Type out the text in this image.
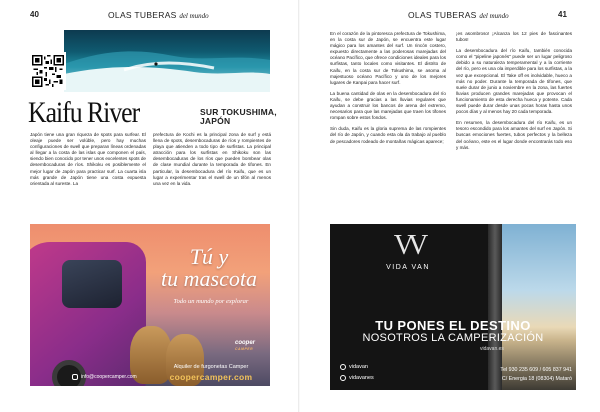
40	OLAS TUBERAS del mundo
Kaifu River	SUR TOKUSHIMA,
JAPÓN
Japón tiene una gran riqueza de spots para surfear. El oleaje puede ser volúble, pero hay muchas configuraciones de swell que preparan líneas ordenadas al llegar a la costa de las islas que componen el país, siendo bien conocido por tener unos excelentes spots de desembocaduras de ríos. Shikoku es posiblemente el mejor lugar de Japón para practicar surf. La cuarta isla más grande de Japón tiene una costa expuesta orientada al sureste. La
prefectura de Kochi es la principal zona de surf y está llena de spots, desembocaduras de ríos y rompientes de playa que atienden a todo tipo de surfistas. La principal atracción para los surfistas en Shikoku son las desembocaduras de los ríos que pueden bombear olas de clase mundial durante la temporada de tifones. En particular, la desembocadura del río Kaifu, que es un lugar a experimentar tras el swell de un tifón al menos una vez en la vida.
Tú y
tu mascota
Todo un mundo por explorar
cooper
CAMPER
Alquiler de furgonetas Camper
coopercamper.com
info@coopercamper.com
OLAS TUBERAS del mundo	41

En el corazón de la pintoresca prefectura de Tokushima, en la costa sur de Japón, se encuentra este lugar mágico para los amantes del surf. Un rincón costero, expuesto directamente a las poderosas marejadas del océano Pacífico, que ofrece condiciones ideales para los surfistas, tanto locales como visitantes. El distrito de Kaifu, en la costa sur de Tokushima, se asoma al majestuoso océano Pacífico y uno de los mejores lugares de Kanpai para hacer surf.

La buena cantidad de olas en la desembocadura del río Kaifu, se debe gracias a las lluvias regulares que ayudan a construir los bancos de arena del extremo, necesarios para que las marejadas que traen los tifones rompan sobre estos fondos.

Sin duda, Kaifu es la gloria suprema de las rompientes del río de Japón, y cuando esta ola da trabajo al pueblo de pescadores rodeado de montañas mágicas aparece;

¡es asombroso! ¡Alcanza los 12 pies de fascinantes tubos!

La desembocadura del río Kaifu, también conocida como el "pipeline japonés" puede ser un lugar peligroso debido a su naturaleza temperamental y a la corriente del río, pero es una ola imperdible para los surfistas, a la vez que excepcional. El Take off es inolvidable, hueco a más no poder. Durante la temporada de tifones, que suele durar de junio a noviembre en la zona, las fuertes lluvias producen grandes marejadas que provocan el funcionamiento de esta derecha hueca y potente. Cada swell puede durar desde unas pocas horas hasta unos pocos días y al menos hay 20 cada temporada.

En resumen, la desembocadura del río Kaifu, es un tesoro escondido para los amantes del surf en Japón. Si buscas emociones fuertes, tubos perfectos y la belleza del océano, este es el lugar donde encontrarás todo eso y más.

VV
VIDA VAN
TU PONES EL DESTINO
NOSOTROS LA CAMPERIZACIÓN
vidavan.es
vidavan
vidavanes
Tel 930 235 609 / 605 837 941
C/ Energia 18 (08304) Mataró
